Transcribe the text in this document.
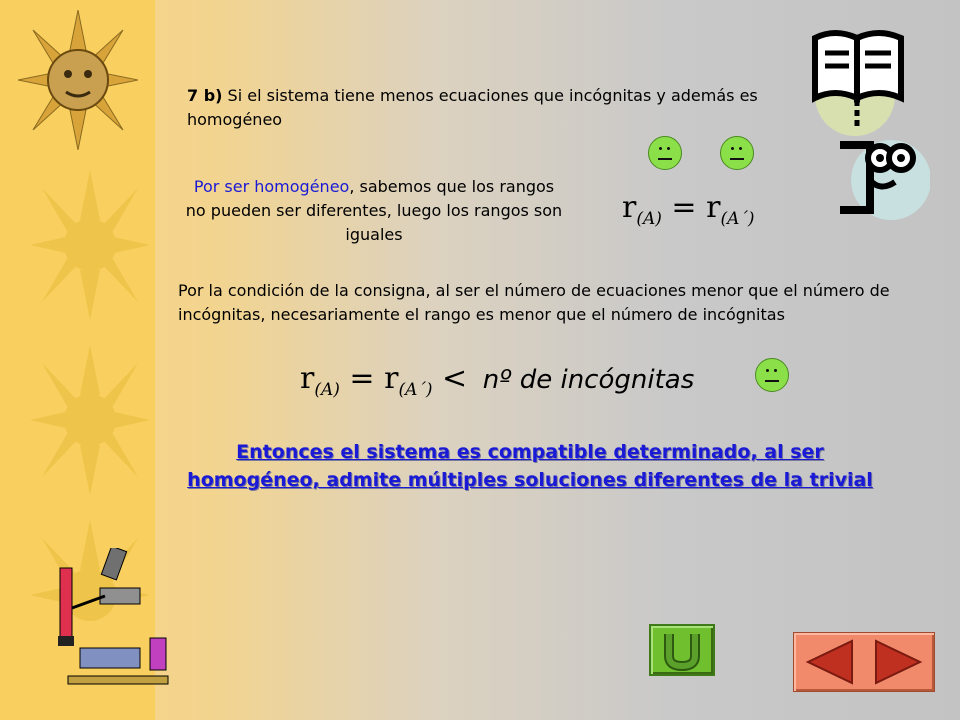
7 b) Si el sistema tiene menos ecuaciones que incógnitas y además es homogéneo
Por ser homogéneo, sabemos que los rangos no pueden ser diferentes, luego los rangos son iguales
$r_{(A)} = r_{(A´)}$
Por la condición de la consigna, al ser el número de ecuaciones menor que el número de incógnitas, necesariamente el rango es menor que el número de incógnitas
$r_{(A)} = r_{(A´)}$ < nº de incógnitas
Entonces el sistema es compatible determinado, al ser
homogéneo, admite múltiples soluciones diferentes de la trivial
